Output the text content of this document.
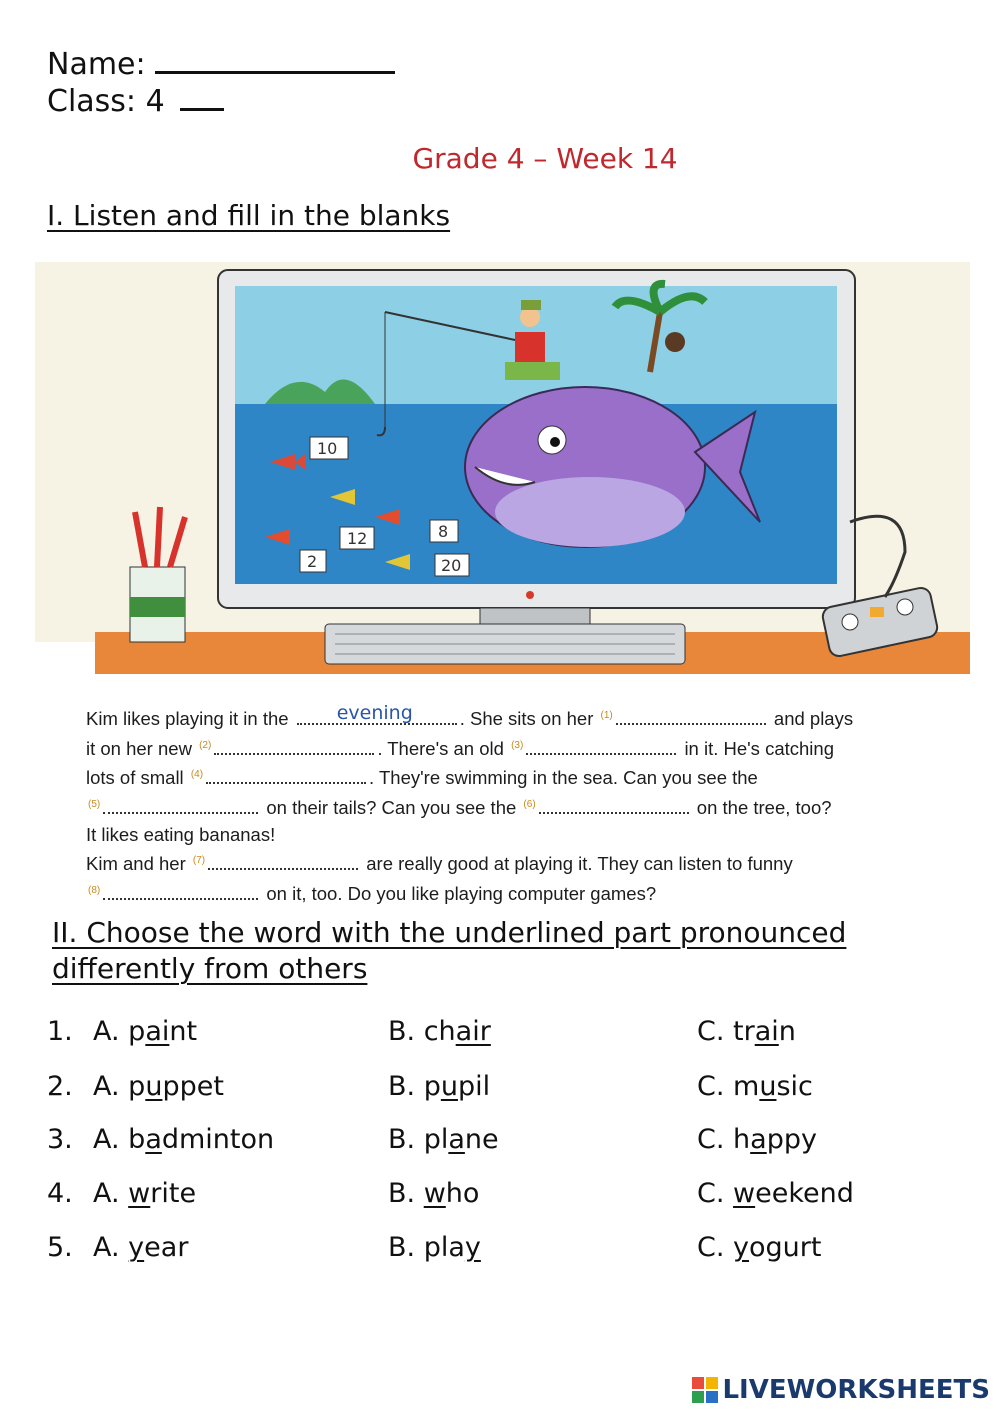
Name:
Class: 4
Grade 4 – Week 14
I. Listen and fill in the blanks
10
12	8
2	20

Kim likes playing it in the	evening	. She sits on her $^{(1)}$	and plays

it on her new $^{(2)}$	. There's an old $^{(3)}$	in it. He's catching

lots of small $^{(4)}$	. They're swimming in the sea. Can you see the

$^{(5)}$	on their tails? Can you see the $^{(6)}$	on the tree, too?

It likes eating bananas!

Kim and her $^{(7)}$	are really good at playing it. They can listen to funny

$^{(8)}$	on it, too. Do you like playing computer games?

II. Choose the word with the underlined part pronounced
differently from others
1. A. paint	B. chair	C. train
2. A. puppet	B. pupil	C. music
3. A. badminton	B. plane	C. happy
4. A. write	B. who	C. weekend
5. A. year	B. play	C. yogurt
LIVEWORKSHEETS
